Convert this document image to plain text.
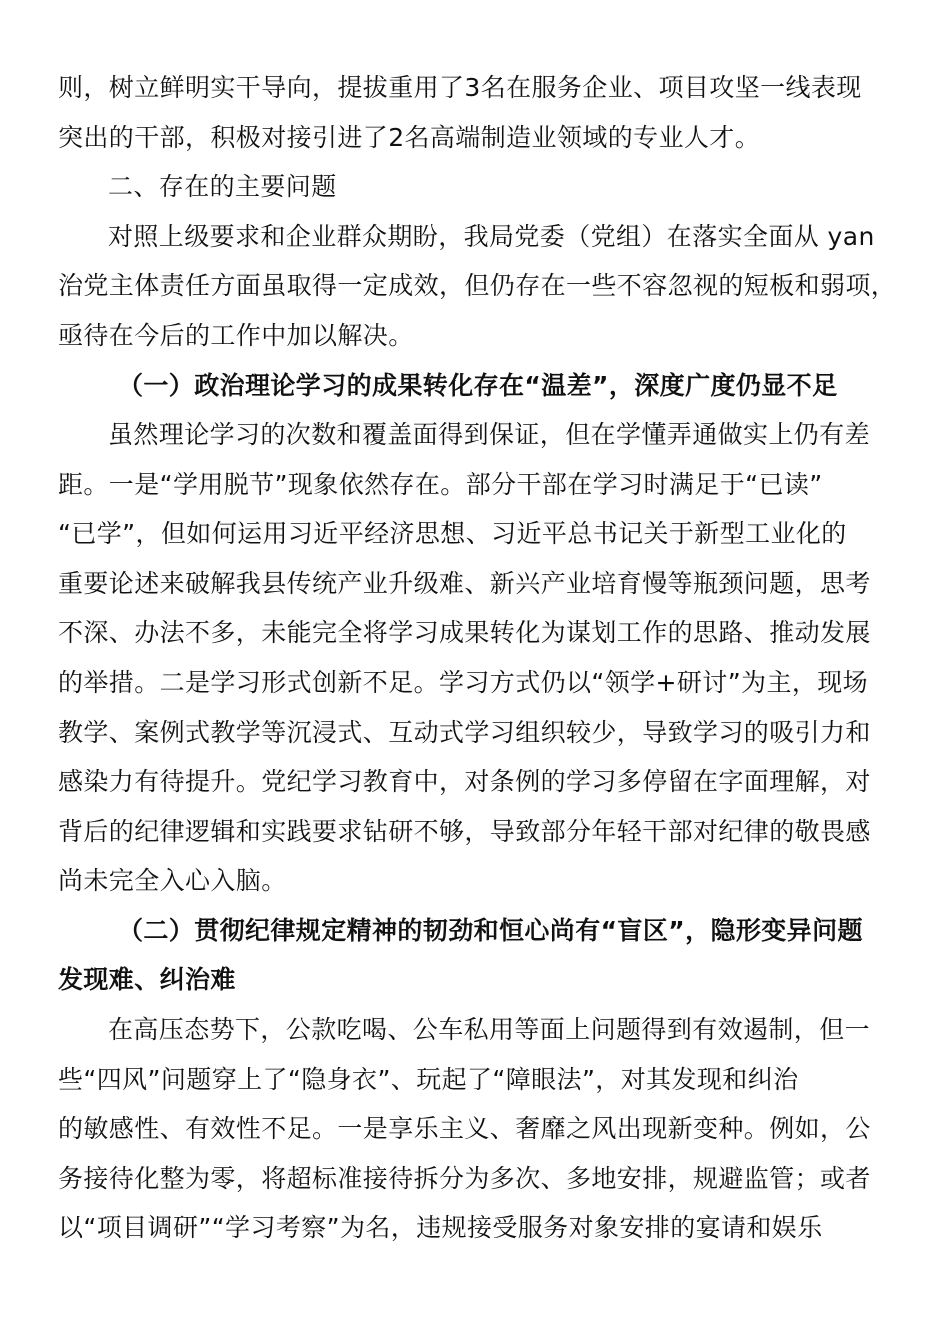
则，树立鲜明实干导向，提拔重用了3名在服务企业、项目攻坚一线表现
突出的干部，积极对接引进了2名高端制造业领域的专业人才。
二、存在的主要问题
对照上级要求和企业群众期盼，我局党委（党组）在落实全面从 yan
治党主体责任方面虽取得一定成效，但仍存在一些不容忽视的短板和弱项，
亟待在今后的工作中加以解决。
（一）政治理论学习的成果转化存在“温差”，深度广度仍显不足
虽然理论学习的次数和覆盖面得到保证，但在学懂弄通做实上仍有差
距。一是“学用脱节”现象依然存在。部分干部在学习时满足于“已读”
“已学”，但如何运用习近平经济思想、习近平总书记关于新型工业化的
重要论述来破解我县传统产业升级难、新兴产业培育慢等瓶颈问题，思考
不深、办法不多，未能完全将学习成果转化为谋划工作的思路、推动发展
的举措。二是学习形式创新不足。学习方式仍以“领学+研讨”为主，现场
教学、案例式教学等沉浸式、互动式学习组织较少，导致学习的吸引力和
感染力有待提升。党纪学习教育中，对条例的学习多停留在字面理解，对
背后的纪律逻辑和实践要求钻研不够，导致部分年轻干部对纪律的敬畏感
尚未完全入心入脑。
（二）贯彻纪律规定精神的韧劲和恒心尚有“盲区”，隐形变异问题
发现难、纠治难
在高压态势下，公款吃喝、公车私用等面上问题得到有效遏制，但一
些“四风”问题穿上了“隐身衣”、玩起了“障眼法”，对其发现和纠治
的敏感性、有效性不足。一是享乐主义、奢靡之风出现新变种。例如，公
务接待化整为零，将超标准接待拆分为多次、多地安排，规避监管；或者
以“项目调研”“学习考察”为名，违规接受服务对象安排的宴请和娱乐
